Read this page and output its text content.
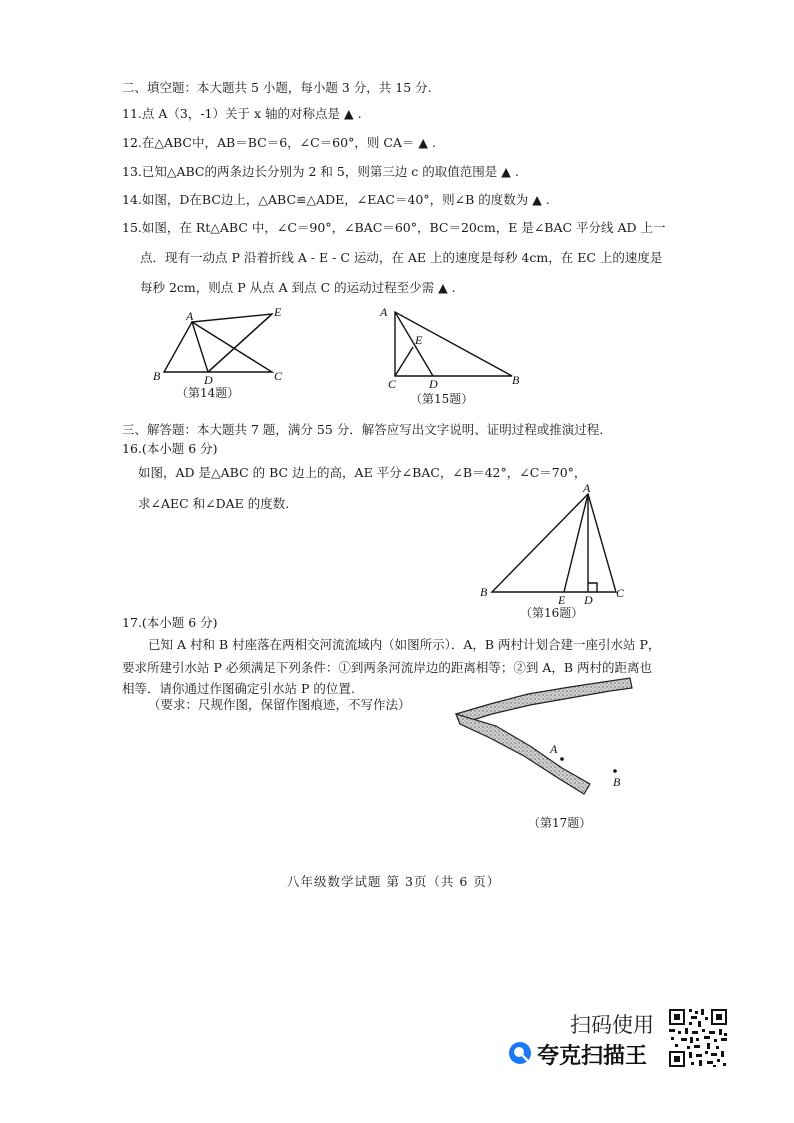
二、填空题：本大题共 5 小题，每小题 3 分，共 15 分.
11.点 A（3，-1）关于 x 轴的对称点是 ▲ .
12.在△ABC中，AB＝BC＝6，∠C＝60°，则 CA＝ ▲ .
13.已知△ABC的两条边长分别为 2 和 5，则第三边 c 的取值范围是 ▲ .
14.如图，D在BC边上，△ABC≌△ADE，∠EAC＝40°，则∠B 的度数为 ▲ .
15.如图，在 Rt△ABC 中，∠C＝90°，∠BAC＝60°，BC＝20cm，E 是∠BAC 平分线 AD 上一
点．现有一动点 P 沿着折线 A - E - C 运动，在 AE 上的速度是每秒 4cm，在 EC 上的速度是
每秒 2cm，则点 P 从点 A 到点 C 的运动过程至少需 ▲ .
A	E
B	D	C
（第14题）
A
E
C	D	B
（第15题）
三、解答题：本大题共 7 题，满分 55 分．解答应写出文字说明、证明过程或推演过程.
16.(本小题 6 分)
如图，AD 是△ABC 的 BC 边上的高，AE 平分∠BAC，∠B＝42°，∠C＝70°，
求∠AEC 和∠DAE 的度数.
A
B
E D C
（第16题）
17.(本小题 6 分)
已知 A 村和 B 村座落在两相交河流流域内（如图所示）．A，B 两村计划合建一座引水站 P，
要求所建引水站 P 必须满足下列条件：①到两条河流岸边的距离相等；②到 A，B 两村的距离也
相等．请你通过作图确定引水站 P 的位置.
（要求：尺规作图，保留作图痕迹，不写作法）
A
B
（第17题）
八年级数学试题 第 3页（共 6 页）
扫码使用
夸克扫描王
